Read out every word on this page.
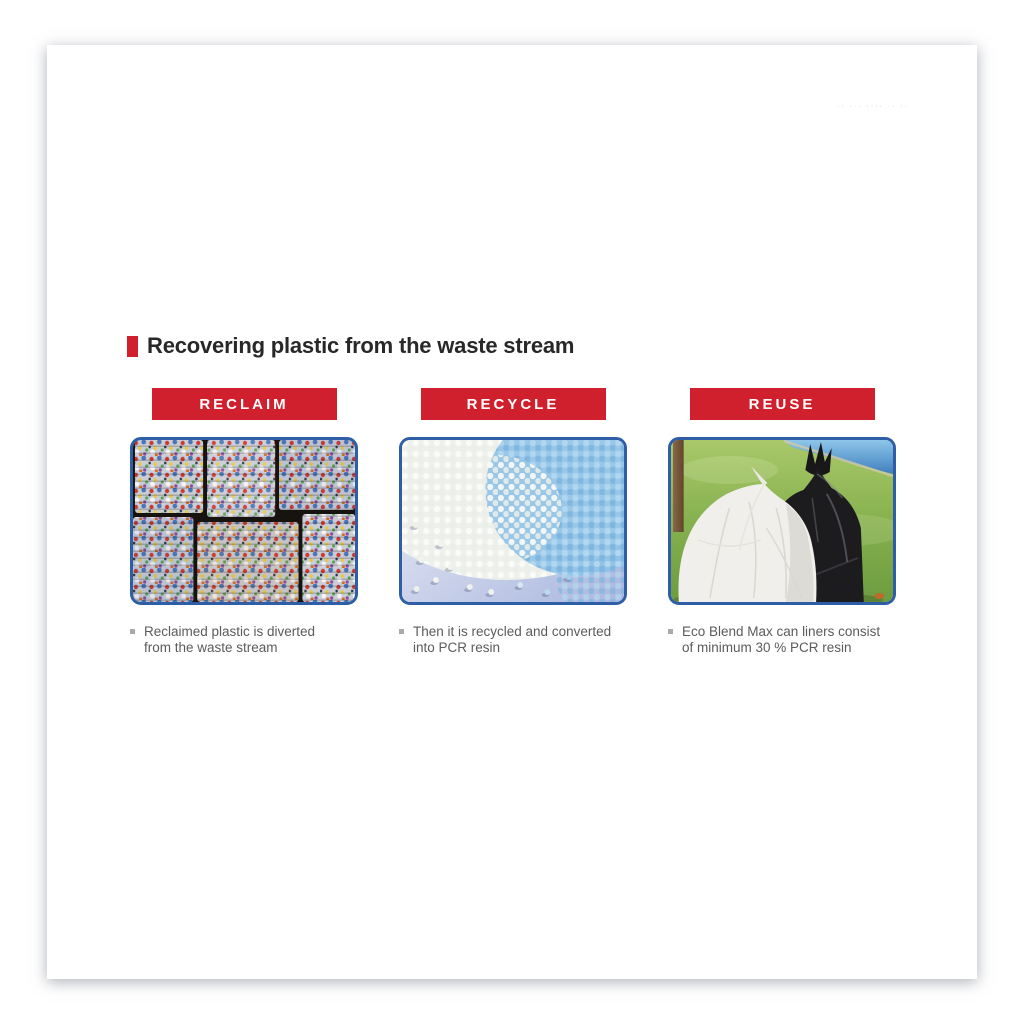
·· ··· ···· ·· ··
Recovering plastic from the waste stream
RECLAIM
Reclaimed plastic is diverted
from the waste stream
RECYCLE
Then it is recycled and converted
into PCR resin
REUSE
Eco Blend Max can liners consist
of minimum 30 % PCR resin
